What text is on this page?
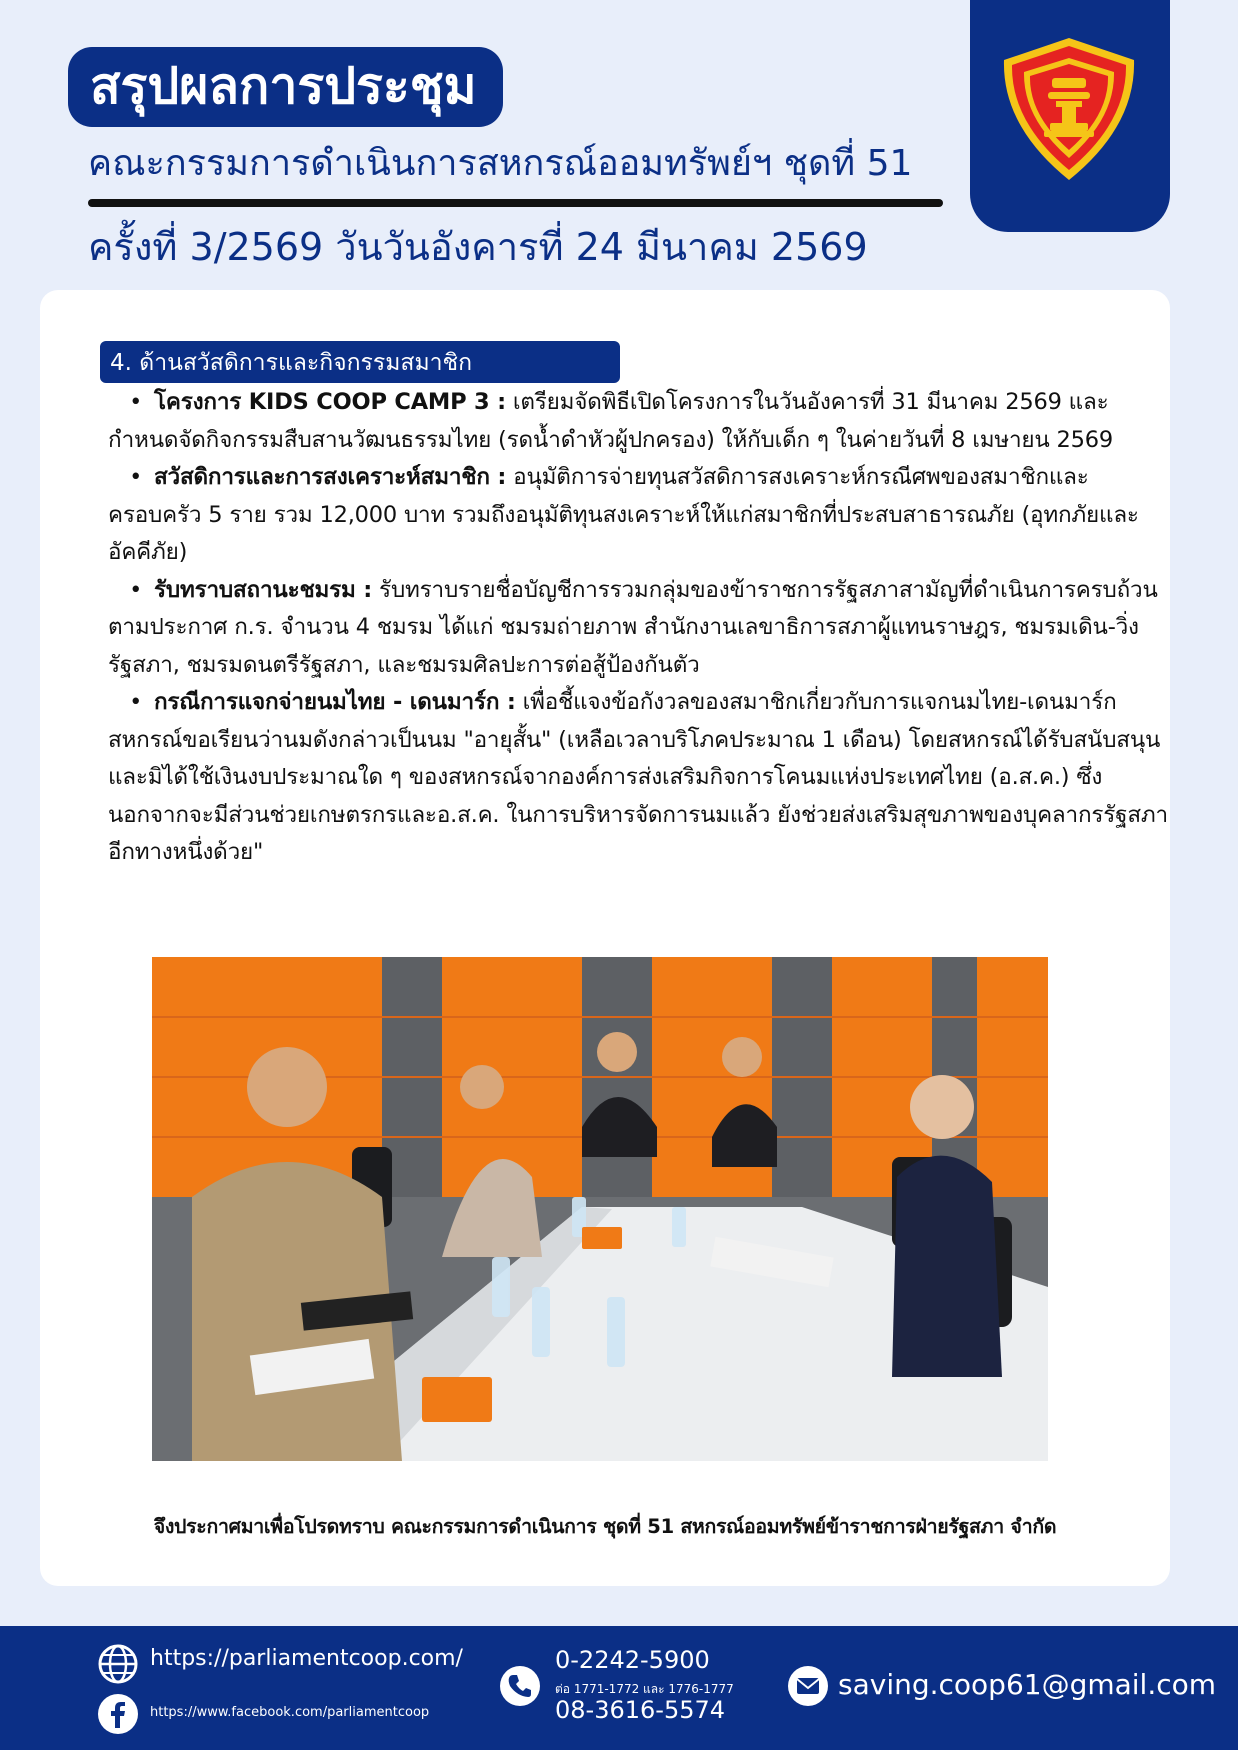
สรุปผลการประชุม
คณะกรรมการดำเนินการสหกรณ์ออมทรัพย์ฯ ชุดที่ 51
ครั้งที่ 3/2569 วันวันอังคารที่ 24 มีนาคม 2569
4. ด้านสวัสดิการและกิจกรรมสมาชิก

• โครงการ KIDS COOP CAMP 3 : เตรียมจัดพิธีเปิดโครงการในวันอังคารที่ 31 มีนาคม 2569 และกำหนดจัดกิจกรรมสืบสานวัฒนธรรมไทย (รดน้ำดำหัวผู้ปกครอง) ให้กับเด็ก ๆ ในค่ายวันที่ 8 เมษายน 2569

• สวัสดิการและการสงเคราะห์สมาชิก : อนุมัติการจ่ายทุนสวัสดิการสงเคราะห์กรณีศพของสมาชิกและครอบครัว 5 ราย รวม 12,000 บาท รวมถึงอนุมัติทุนสงเคราะห์ให้แก่สมาชิกที่ประสบสาธารณภัย (อุทกภัยและอัคคีภัย)

• รับทราบสถานะชมรม : รับทราบรายชื่อบัญชีการรวมกลุ่มของข้าราชการรัฐสภาสามัญที่ดำเนินการครบถ้วนตามประกาศ ก.ร. จำนวน 4 ชมรม ได้แก่ ชมรมถ่ายภาพ สำนักงานเลขาธิการสภาผู้แทนราษฎร, ชมรมเดิน-วิ่งรัฐสภา, ชมรมดนตรีรัฐสภา, และชมรมศิลปะการต่อสู้ป้องกันตัว

• กรณีการแจกจ่ายนมไทย - เดนมาร์ก : เพื่อชี้แจงข้อกังวลของสมาชิกเกี่ยวกับการแจกนมไทย-เดนมาร์ก สหกรณ์ขอเรียนว่านมดังกล่าวเป็นนม "อายุสั้น" (เหลือเวลาบริโภคประมาณ 1 เดือน) โดยสหกรณ์ได้รับสนับสนุนและมิได้ใช้เงินงบประมาณใด ๆ ของสหกรณ์จากองค์การส่งเสริมกิจการโคนมแห่งประเทศไทย (อ.ส.ค.) ซึ่งนอกจากจะมีส่วนช่วยเกษตรกรและอ.ส.ค. ในการบริหารจัดการนมแล้ว ยังช่วยส่งเสริมสุขภาพของบุคลากรรัฐสภาอีกทางหนึ่งด้วย"

จึงประกาศมาเพื่อโปรดทราบ คณะกรรมการดำเนินการ ชุดที่ 51 สหกรณ์ออมทรัพย์ข้าราชการฝ่ายรัฐสภา จำกัด
https://parliamentcoop.com/
https://www.facebook.com/parliamentcoop
0-2242-5900
ต่อ 1771-1772 และ 1776-1777
08-3616-5574
saving.coop61@gmail.com
